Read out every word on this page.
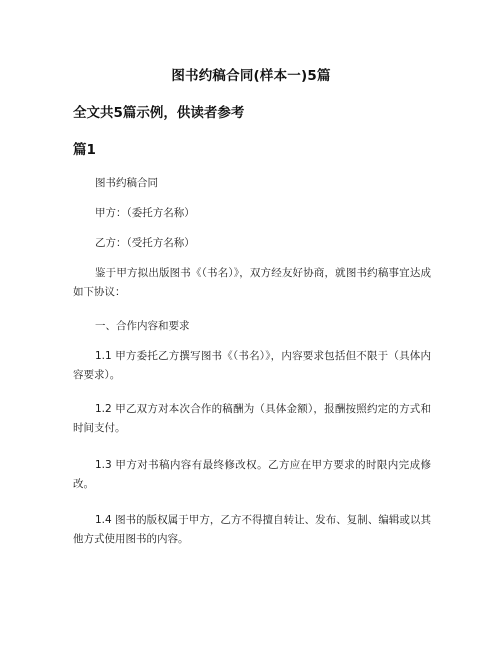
图书约稿合同(样本一)5篇
全文共5篇示例，供读者参考
篇1
图书约稿合同
甲方：（委托方名称）
乙方：（受托方名称）
鉴于甲方拟出版图书《（书名）》，双方经友好协商，就图书约稿事宜达成如下协议：
一、合作内容和要求
1.1 甲方委托乙方撰写图书《（书名）》，内容要求包括但不限于（具体内容要求）。
1.2 甲乙双方对本次合作的稿酬为（具体金额），报酬按照约定的方式和时间支付。
1.3 甲方对书稿内容有最终修改权。乙方应在甲方要求的时限内完成修改。
1.4 图书的版权属于甲方，乙方不得擅自转让、发布、复制、编辑或以其他方式使用图书的内容。
